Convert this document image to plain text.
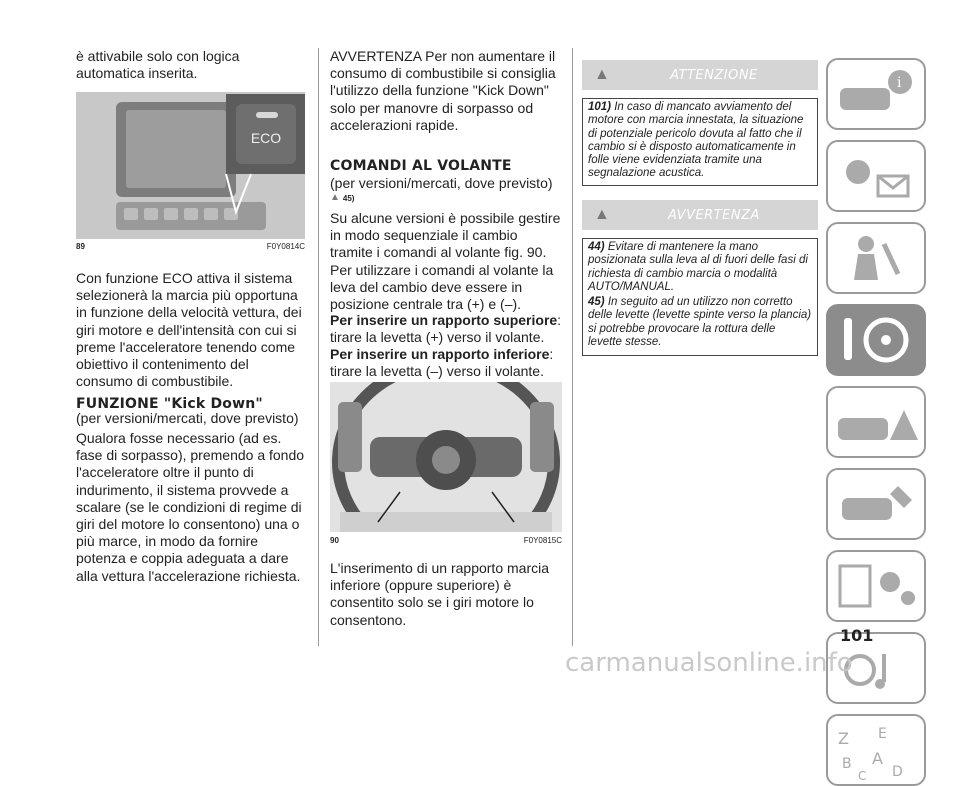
è attivabile solo con logica automatica inserita.

ECO
89	F0Y0814C

Con funzione ECO attiva il sistema selezionerà la marcia più opportuna in funzione della velocità vettura, dei giri motore e dell'intensità con cui si preme l'acceleratore tenendo come obiettivo il contenimento del consumo di combustibile.

FUNZIONE "Kick Down"

(per versioni/mercati, dove previsto)

Qualora fosse necessario (ad es. fase di sorpasso), premendo a fondo l'acceleratore oltre il punto di indurimento, il sistema provvede a scalare (se le condizioni di regime di giri del motore lo consentono) una o più marce, in modo da fornire potenza e coppia adeguata a dare alla vettura l'accelerazione richiesta.

AVVERTENZA Per non aumentare il consumo di combustibile si consiglia l'utilizzo della funzione "Kick Down" solo per manovre di sorpasso od accelerazioni rapide.

COMANDI AL VOLANTE

(per versioni/mercati, dove previsto)

▲ 45)

Su alcune versioni è possibile gestire in modo sequenziale il cambio tramite i comandi al volante fig. 90.

Per utilizzare i comandi al volante la leva del cambio deve essere in posizione centrale tra (+) e (–).

Per inserire un rapporto superiore: tirare la levetta (+) verso il volante.

Per inserire un rapporto inferiore: tirare la levetta (–) verso il volante.

90	F0Y0815C

L'inserimento di un rapporto marcia inferiore (oppure superiore) è consentito solo se i giri motore lo consentono.

▲	ATTENZIONE

101) In caso di mancato avviamento del motore con marcia innestata, la situazione di potenziale pericolo dovuta al fatto che il cambio si è disposto automaticamente in folle viene evidenziata tramite una segnalazione acustica.

▲	AVVERTENZA

44) Evitare di mantenere la mano posizionata sulla leva al di fuori delle fasi di richiesta di cambio marcia o modalità AUTO/MANUAL.

45) In seguito ad un utilizzo non corretto delle levette (levette spinte verso la plancia) si potrebbe provocare la rottura delle levette stesse.

i
Z E
B A
D
C
101
carmanualsonline.info
